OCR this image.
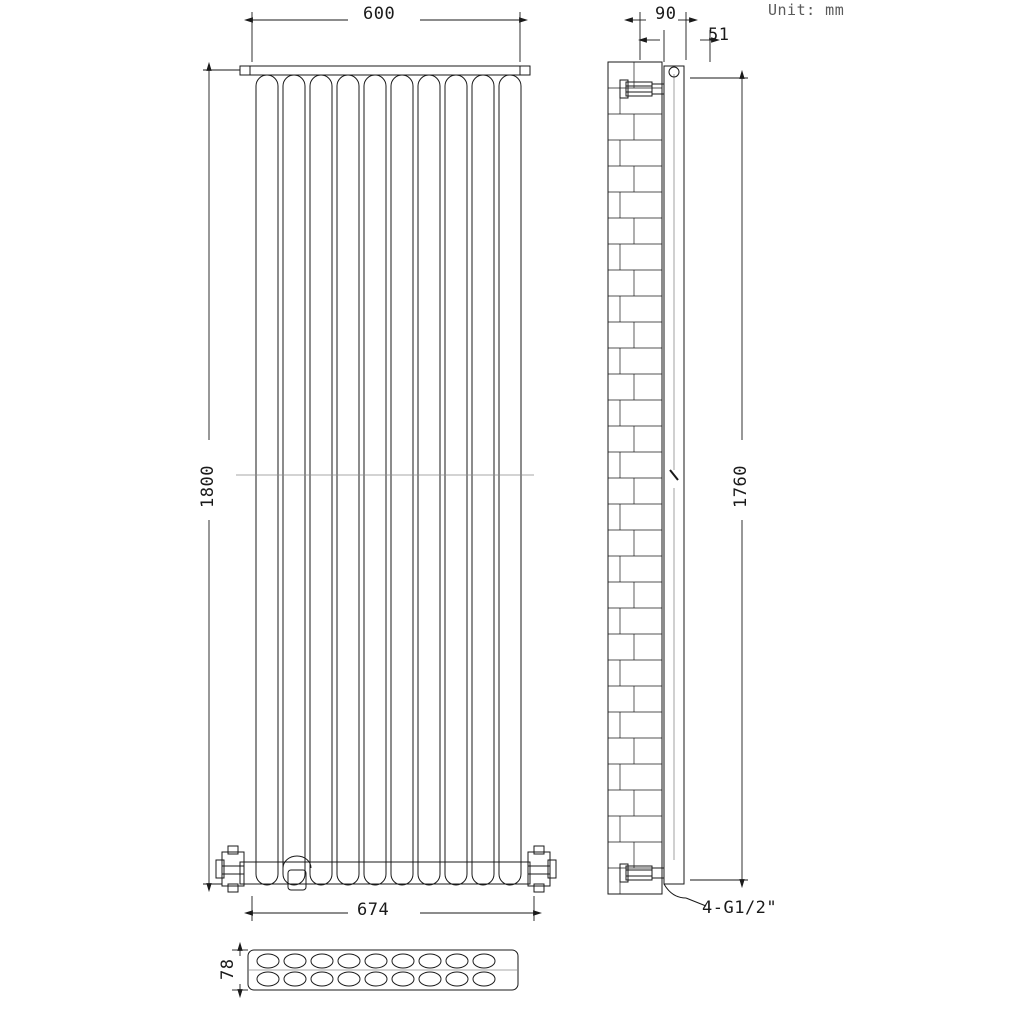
600
1800
674
90
51
1760
78
4-G1/2"
Unit: mm
